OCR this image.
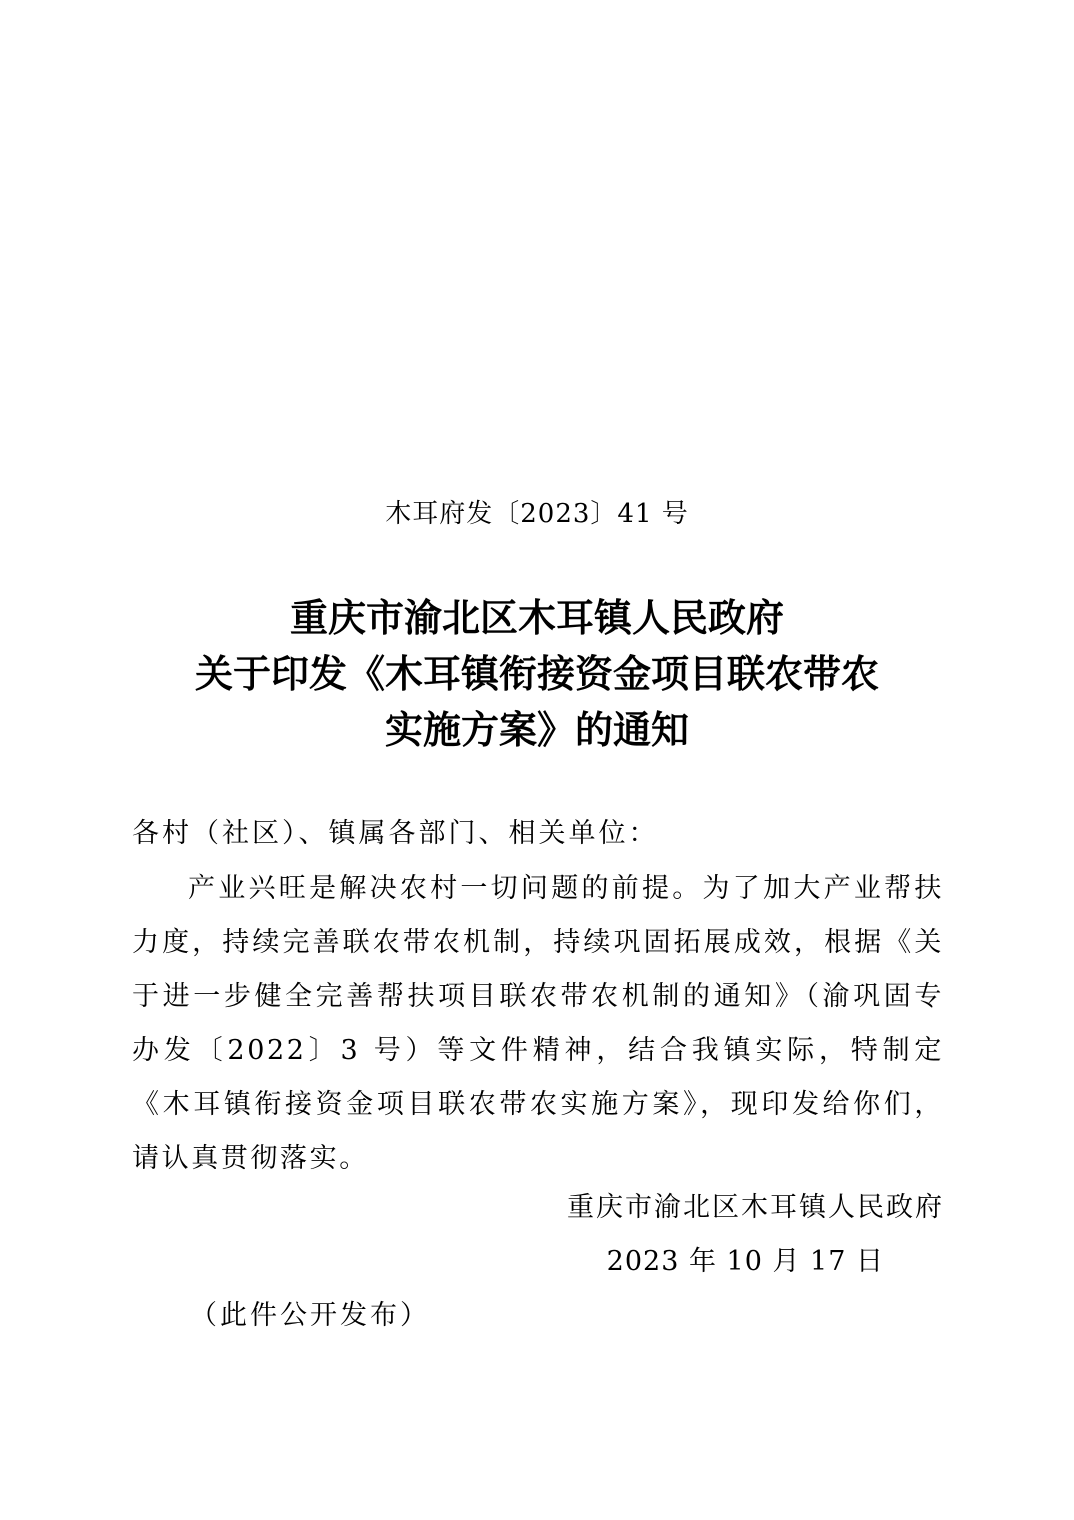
木耳府发〔2023〕41 号
重庆市渝北区木耳镇人民政府
关于印发《木耳镇衔接资金项目联农带农
实施方案》的通知
各村（社区）、镇属各部门、相关单位：
产业兴旺是解决农村一切问题的前提。为了加大产业帮扶力度，持续完善联农带农机制，持续巩固拓展成效，根据《关于进一步健全完善帮扶项目联农带农机制的通知》（渝巩固专办发〔2022〕3 号）等文件精神，结合我镇实际，特制定《木耳镇衔接资金项目联农带农实施方案》，现印发给你们，请认真贯彻落实。
重庆市渝北区木耳镇人民政府
2023 年 10 月 17 日
（此件公开发布）
